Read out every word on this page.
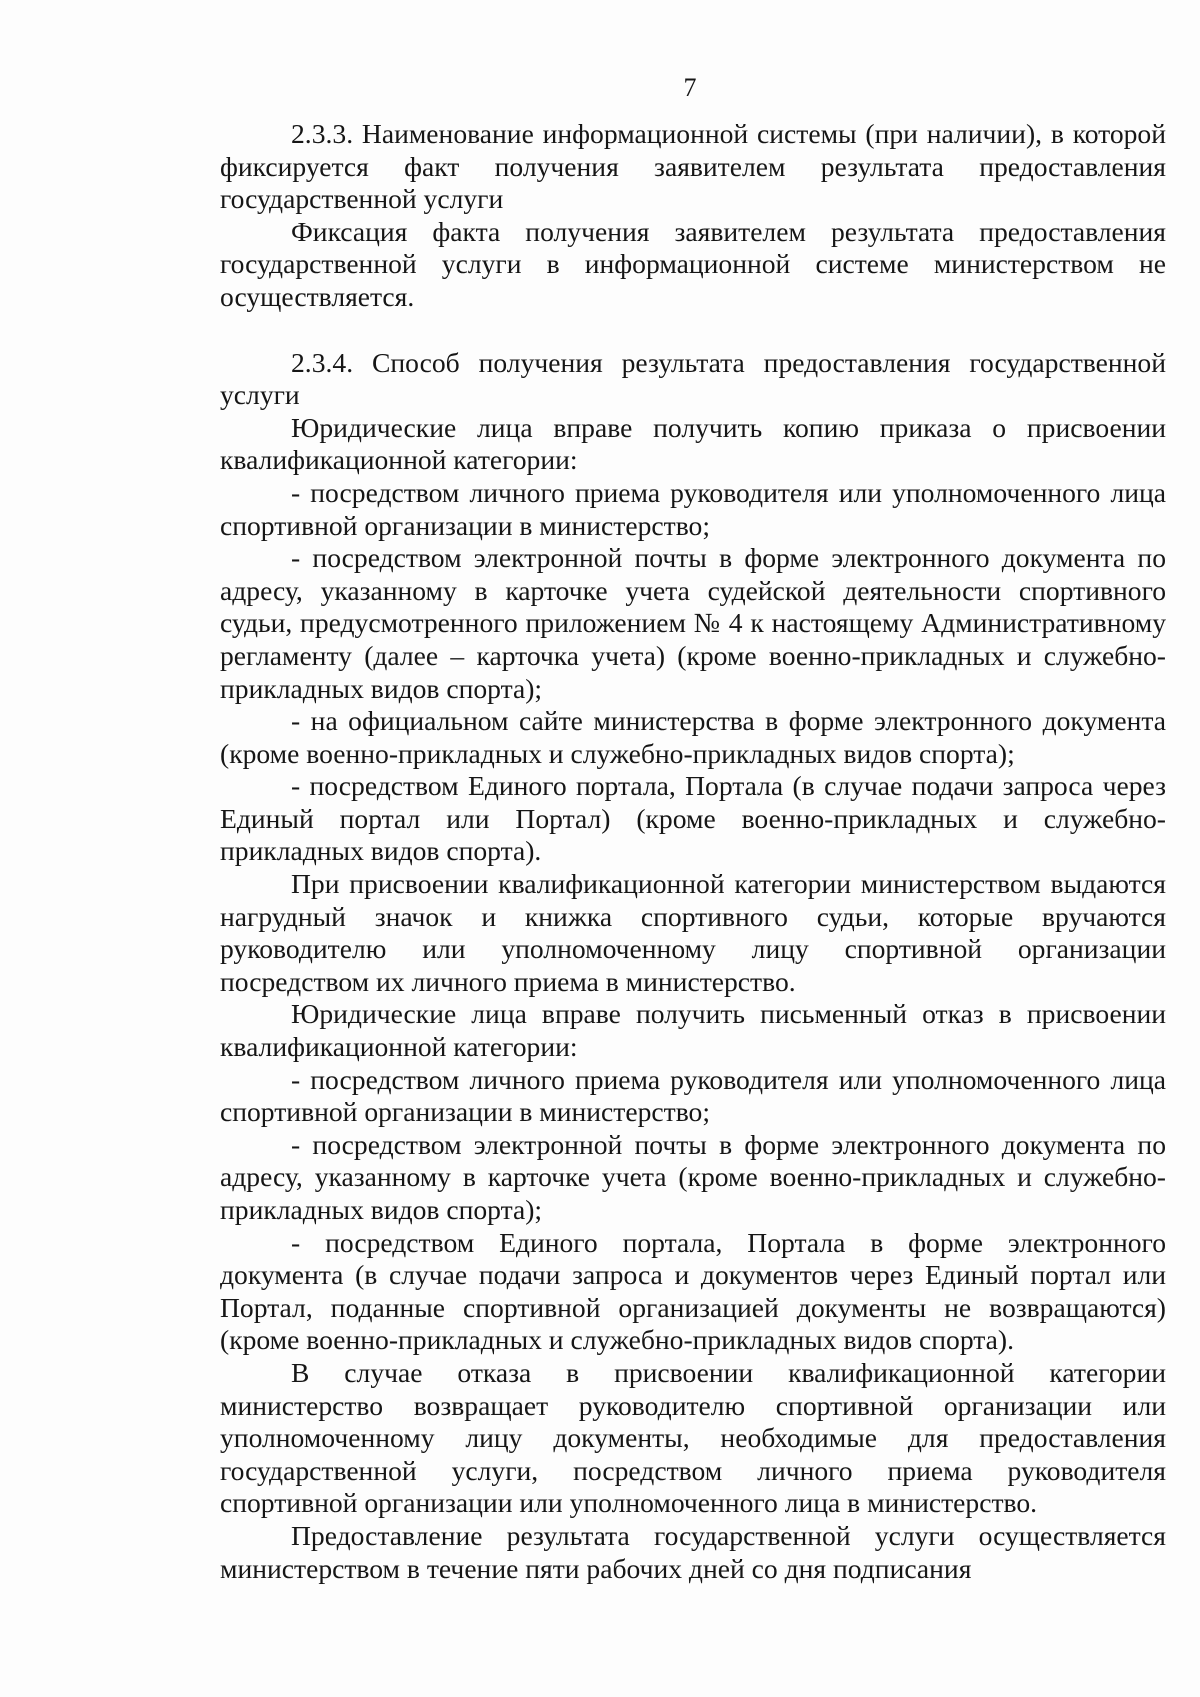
7

2.3.3. Наименование информационной системы (при наличии), в которой фиксируется факт получения заявителем результата предоставления государственной услуги

Фиксация факта получения заявителем результата предоставления государственной услуги в информационной системе министерством не осуществляется.

2.3.4. Способ получения результата предоставления государственной услуги

Юридические лица вправе получить копию приказа о присвоении квалификационной категории:

- посредством личного приема руководителя или уполномоченного лица спортивной организации в министерство;

- посредством электронной почты в форме электронного документа по адресу, указанному в карточке учета судейской деятельности спортивного судьи, предусмотренного приложением № 4 к настоящему Административному регламенту (далее – карточка учета) (кроме военно-прикладных и служебно-прикладных видов спорта);

- на официальном сайте министерства в форме электронного документа (кроме военно-прикладных и служебно-прикладных видов спорта);

- посредством Единого портала, Портала (в случае подачи запроса через Единый портал или Портал) (кроме военно-прикладных и служебно-прикладных видов спорта).

При присвоении квалификационной категории министерством выдаются нагрудный значок и книжка спортивного судьи, которые вручаются руководителю или уполномоченному лицу спортивной организации посредством их личного приема в министерство.

Юридические лица вправе получить письменный отказ в присвоении квалификационной категории:

- посредством личного приема руководителя или уполномоченного лица спортивной организации в министерство;

- посредством электронной почты в форме электронного документа по адресу, указанному в карточке учета (кроме военно-прикладных и служебно-прикладных видов спорта);

- посредством Единого портала, Портала в форме электронного документа (в случае подачи запроса и документов через Единый портал или Портал, поданные спортивной организацией документы не возвращаются) (кроме военно-прикладных и служебно-прикладных видов спорта).

В случае отказа в присвоении квалификационной категории министерство возвращает руководителю спортивной организации или уполномоченному лицу документы, необходимые для предоставления государственной услуги, посредством личного приема руководителя спортивной организации или уполномоченного лица в министерство.

Предоставление результата государственной услуги осуществляется министерством в течение пяти рабочих дней со дня подписания
